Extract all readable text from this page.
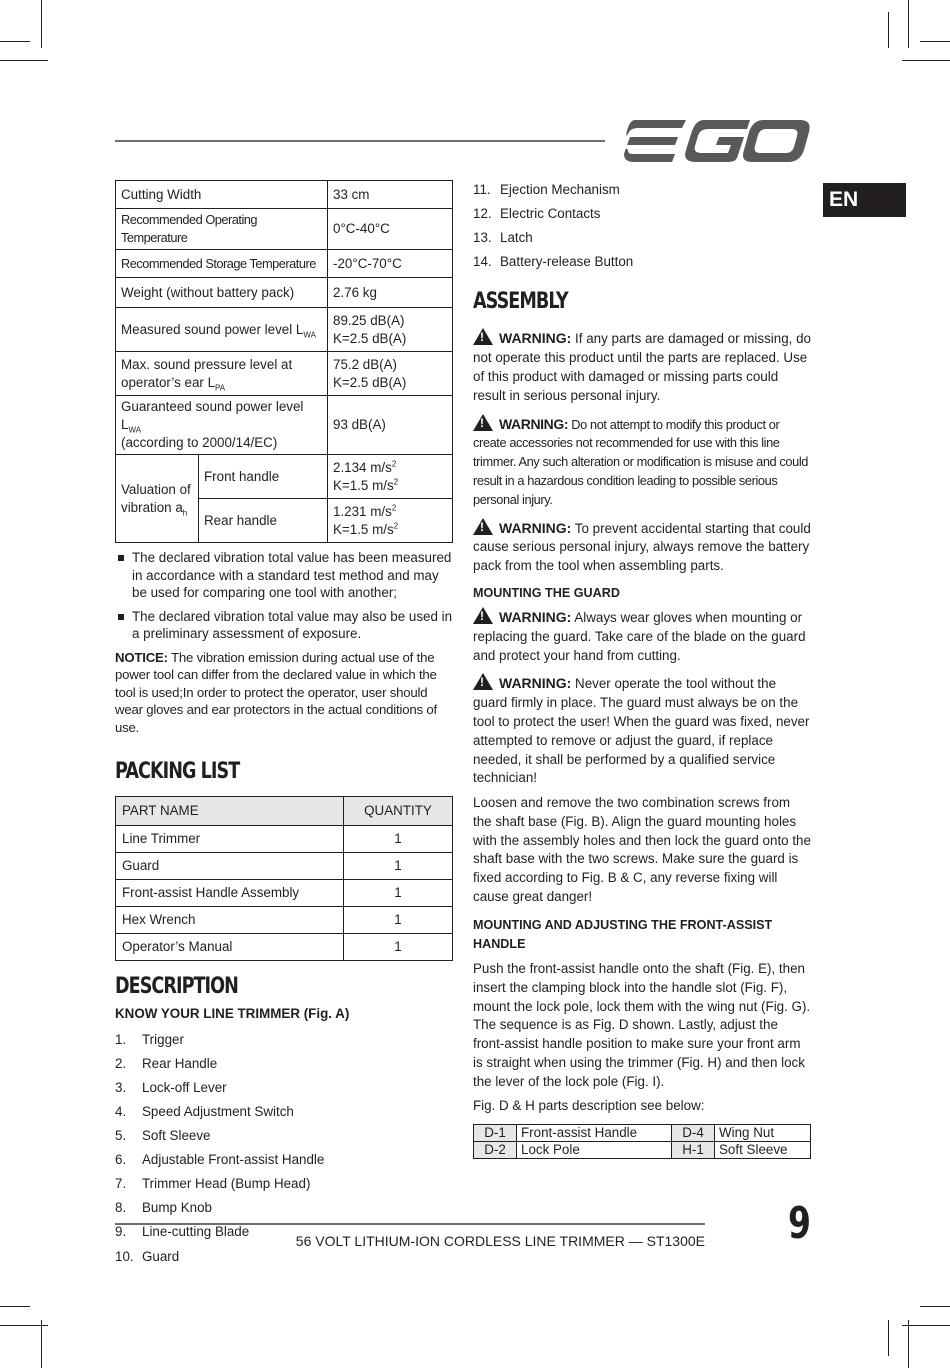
EN
Cutting Width		33 cm
Recommended Operating Temperature		0°C-40°C
Recommended Storage Temperature		-20°C-70°C
Weight (without battery pack)		2.76 kg
Measured sound power level $L_{WA}$		89.25 dB(A)
K=2.5 dB(A)
Max. sound pressure level at
operator’s ear $L_{PA}$		75.2 dB(A)
K=2.5 dB(A)
Guaranteed sound power level $L_{WA}$
(according to 2000/14/EC)		93 dB(A)
Valuation of
vibration $a_h$	Front handle	2.134 $m/s^2$
K=1.5 $m/s^2$
	Rear handle	1.231 $m/s^2$
K=1.5 $m/s^2$
The declared vibration total value has been measured in accordance with a standard test method and may be used for comparing one tool with another;
The declared vibration total value may also be used in a preliminary assessment of exposure.
NOTICE: The vibration emission during actual use of the power tool can differ from the declared value in which the tool is used;In order to protect the operator, user should wear gloves and ear protectors in the actual conditions of use.
PACKING LIST
PART NAME	QUANTITY
Line Trimmer	1
Guard	1
Front-assist Handle Assembly	1
Hex Wrench	1
Operator’s Manual	1
DESCRIPTION
KNOW YOUR LINE TRIMMER (Fig. A)
1.	Trigger
2.	Rear Handle
3.	Lock-off Lever
4.	Speed Adjustment Switch
5.	Soft Sleeve
6.	Adjustable Front-assist Handle
7.	Trimmer Head (Bump Head)
8.	Bump Knob
9.	Line-cutting Blade
10. Guard
11. Ejection Mechanism
12. Electric Contacts
13. Latch
14. Battery-release Button
ASSEMBLY
!WARNING: If any parts are damaged or missing, do not operate this product until the parts are replaced. Use of this product with damaged or missing parts could result in serious personal injury.
!WARNING: Do not attempt to modify this product or create accessories not recommended for use with this line trimmer. Any such alteration or modification is misuse and could result in a hazardous condition leading to possible serious personal injury.
!WARNING: To prevent accidental starting that could cause serious personal injury, always remove the battery pack from the tool when assembling parts.
MOUNTING THE GUARD
!WARNING: Always wear gloves when mounting or replacing the guard. Take care of the blade on the guard and protect your hand from cutting.
!WARNING: Never operate the tool without the guard firmly in place. The guard must always be on the tool to protect the user! When the guard was fixed, never attempted to remove or adjust the guard, if replace needed, it shall be performed by a qualified service technician!

Loosen and remove the two combination screws from the shaft base (Fig. B). Align the guard mounting holes with the assembly holes and then lock the guard onto the shaft base with the two screws. Make sure the guard is fixed according to Fig. B & C, any reverse fixing will cause great danger!

MOUNTING AND ADJUSTING THE FRONT-ASSIST HANDLE

Push the front-assist handle onto the shaft (Fig. E), then insert the clamping block into the handle slot (Fig. F), mount the lock pole, lock them with the wing nut (Fig. G). The sequence is as Fig. D shown. Lastly, adjust the front-assist handle position to make sure your front arm is straight when using the trimmer (Fig. H) and then lock the lever of the lock pole (Fig. I).

Fig. D & H parts description see below:

D-1	Front-assist Handle	D-4	Wing Nut
D-2	Lock Pole	H-1	Soft Sleeve
56 VOLT LITHIUM-ION CORDLESS LINE TRIMMER — ST1300E 9
